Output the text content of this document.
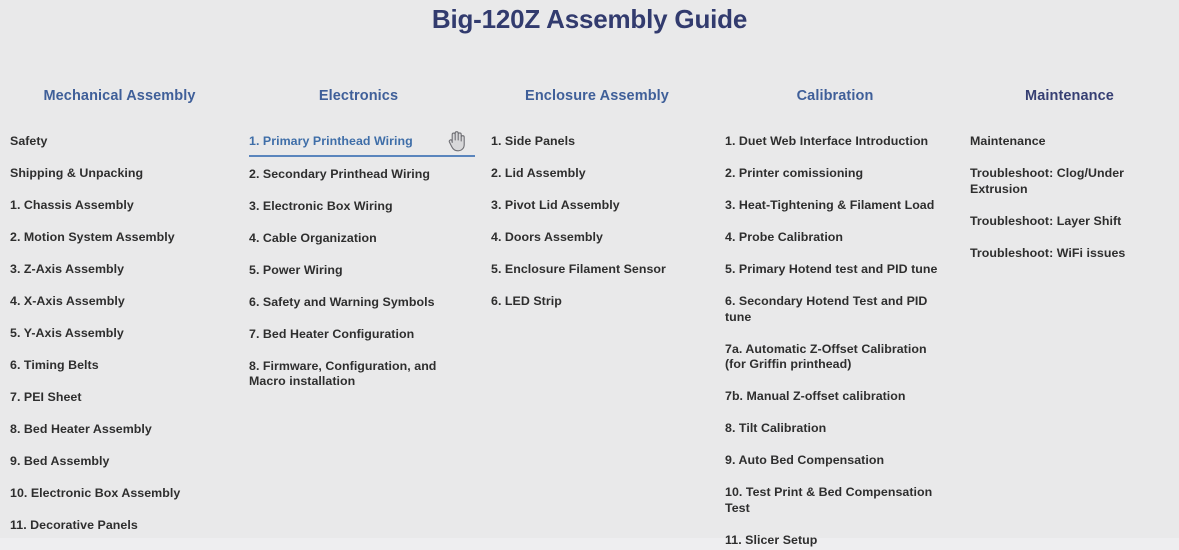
Big-120Z Assembly Guide
Mechanical Assembly
Safety
Shipping & Unpacking
1. Chassis Assembly
2. Motion System Assembly
3. Z-Axis Assembly
4. X-Axis Assembly
5. Y-Axis Assembly
6. Timing Belts
7. PEI Sheet
8. Bed Heater Assembly
9. Bed Assembly
10. Electronic Box Assembly
11. Decorative Panels
Electronics
1. Primary Printhead Wiring
2. Secondary Printhead Wiring
3. Electronic Box Wiring
4. Cable Organization
5. Power Wiring
6. Safety and Warning Symbols
7. Bed Heater Configuration
8. Firmware, Configuration, and Macro installation
Enclosure Assembly
1. Side Panels
2. Lid Assembly
3. Pivot Lid Assembly
4. Doors Assembly
5. Enclosure Filament Sensor
6. LED Strip
Calibration
1. Duet Web Interface Introduction
2. Printer comissioning
3. Heat-Tightening & Filament Load
4. Probe Calibration
5. Primary Hotend test and PID tune
6. Secondary Hotend Test and PID tune
7a. Automatic Z-Offset Calibration (for Griffin printhead)
7b. Manual Z-offset calibration
8. Tilt Calibration
9. Auto Bed Compensation
10. Test Print & Bed Compensation Test
11. Slicer Setup
Maintenance
Maintenance
Troubleshoot: Clog/Under Extrusion
Troubleshoot: Layer Shift
Troubleshoot: WiFi issues
